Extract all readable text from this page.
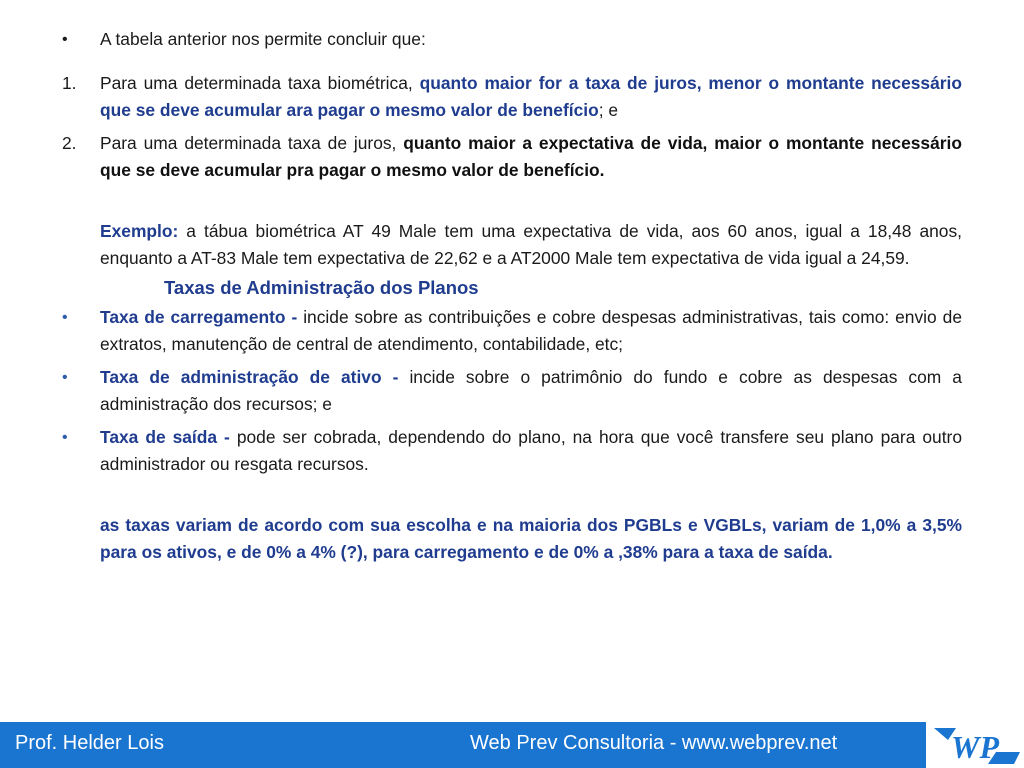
•	A tabela anterior nos permite concluir que:
1.	Para uma determinada taxa biométrica, quanto maior for a taxa de juros, menor o montante necessário que se deve acumular ara pagar o mesmo valor de benefício; e
2.	Para uma determinada taxa de juros, quanto maior a expectativa de vida, maior o montante necessário que se deve acumular pra pagar o mesmo valor de benefício.
Exemplo: a tábua biométrica AT 49 Male tem uma expectativa de vida, aos 60 anos, igual a 18,48 anos, enquanto a AT-83 Male tem expectativa de 22,62 e a AT2000 Male tem expectativa de vida igual a 24,59.
Taxas de Administração dos Planos
•	Taxa de carregamento - incide sobre as contribuições e cobre despesas administrativas, tais como: envio de extratos, manutenção de central de atendimento, contabilidade, etc;
•	Taxa de administração de ativo - incide sobre o patrimônio do fundo e cobre as despesas com a administração dos recursos; e
•	Taxa de saída - pode ser cobrada, dependendo do plano, na hora que você transfere seu plano para outro administrador ou resgata recursos.
as taxas variam de acordo com sua escolha e na maioria dos PGBLs e VGBLs, variam de 1,0% a 3,5% para os ativos, e de 0% a 4% (?), para carregamento e de 0% a ,38% para a taxa de saída.
Prof. Helder Lois	Web Prev Consultoria - www.webprev.net	WP
